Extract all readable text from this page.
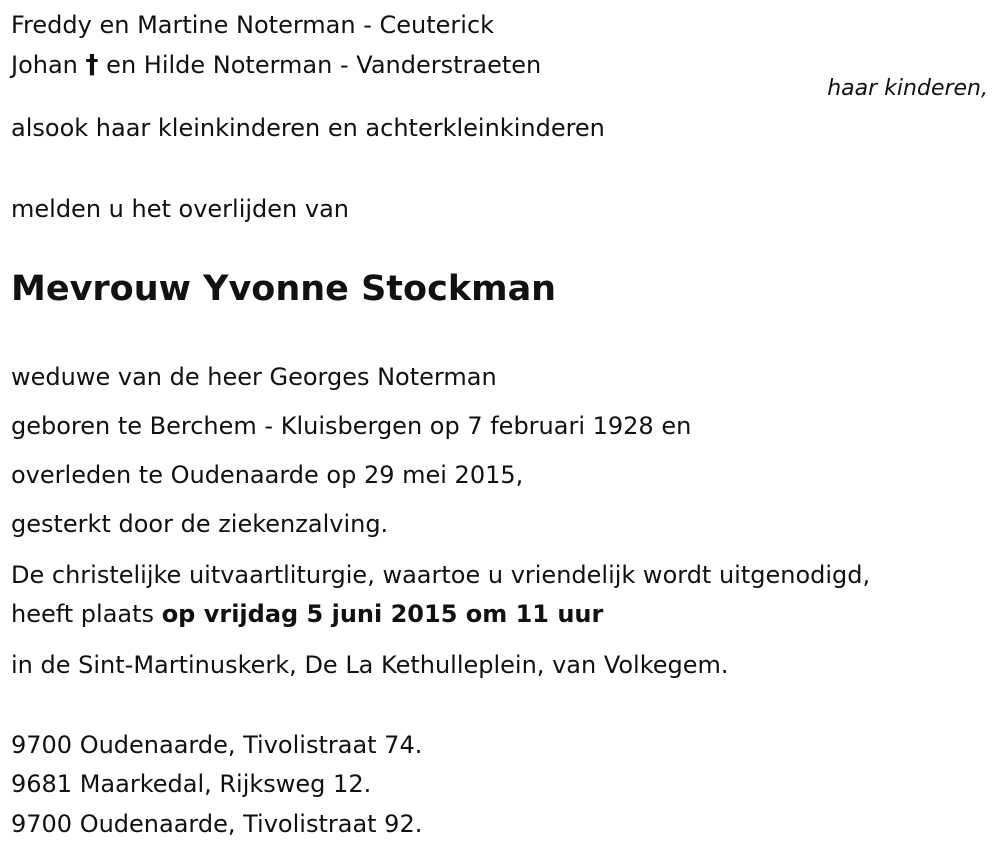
Freddy en Martine Noterman - Ceuterick
Johan † en Hilde Noterman - Vanderstraeten
haar kinderen,
alsook haar kleinkinderen en achterkleinkinderen
melden u het overlijden van
Mevrouw Yvonne Stockman
weduwe van de heer Georges Noterman
geboren te Berchem - Kluisbergen op 7 februari 1928 en
overleden te Oudenaarde op 29 mei 2015,
gesterkt door de ziekenzalving.
De christelijke uitvaartliturgie, waartoe u vriendelijk wordt uitgenodigd,
heeft plaats op vrijdag 5 juni 2015 om 11 uur
in de Sint-Martinuskerk, De La Kethulleplein, van Volkegem.
9700 Oudenaarde, Tivolistraat 74.
9681 Maarkedal, Rijksweg 12.
9700 Oudenaarde, Tivolistraat 92.
